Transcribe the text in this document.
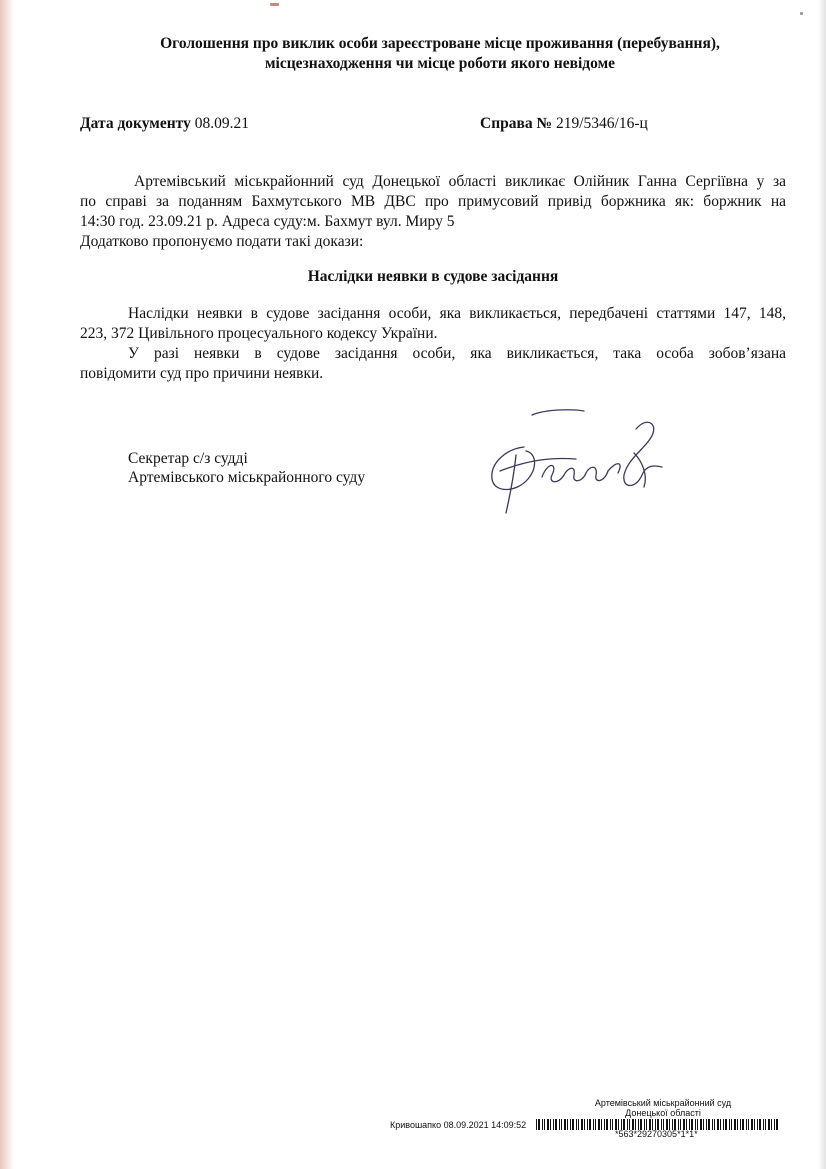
Оголошення про виклик особи зареєстроване місце проживання (перебування),
місцезнаходження чи місце роботи якого невідоме
Дата документу 08.09.21	Справа № 219/5346/16-ц
Артемівський міськрайонний суд Донецької області викликає Олійник Ганна Сергіївна у за
по справі за поданням Бахмутського МВ ДВС про примусовий привід боржника як: боржник на
14:30 год. 23.09.21 р. Адреса суду:м. Бахмут вул. Миру 5
Додатково пропонуємо подати такі докази:
Наслідки неявки в судове засідання
Наслідки неявки в судове засідання особи, яка викликається, передбачені статтями 147, 148,
223, 372 Цивільного процесуального кодексу України.
У разі неявки в судове засідання особи, яка викликається, така особа зобов’язана
повідомити суд про причини неявки.
Секретар с/з судді
Артемівського міськрайонного суду
Артемівський міськрайонний суд
Донецької області
Кривошапко 08.09.2021 14:09:52
*563*29270305*1*1*
